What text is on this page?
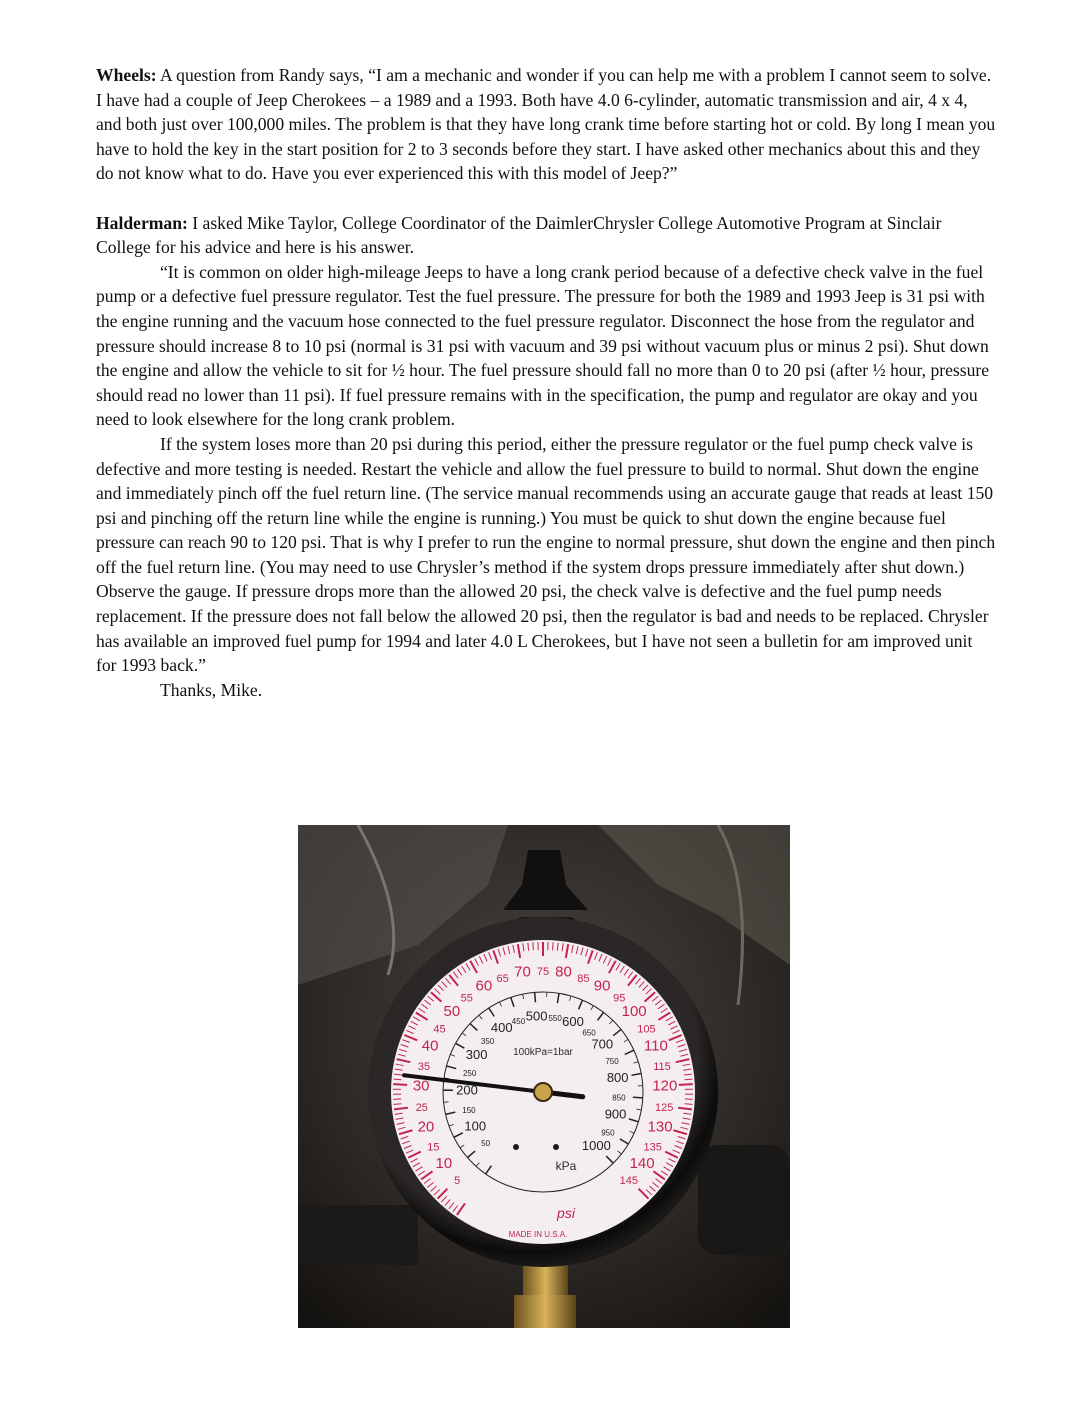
Wheels: A question from Randy says, “I am a mechanic and wonder if you can help me with a problem I cannot seem to solve. I have had a couple of Jeep Cherokees – a 1989 and a 1993. Both have 4.0 6-cylinder, automatic transmission and air, 4 x 4, and both just over 100,000 miles. The problem is that they have long crank time before starting hot or cold. By long I mean you have to hold the key in the start position for 2 to 3 seconds before they start. I have asked other mechanics about this and they do not know what to do. Have you ever experienced this with this model of Jeep?”

Halderman: I asked Mike Taylor, College Coordinator of the DaimlerChrysler College Automotive Program at Sinclair College for his advice and here is his answer.

“It is common on older high-mileage Jeeps to have a long crank period because of a defective check valve in the fuel pump or a defective fuel pressure regulator. Test the fuel pressure. The pressure for both the 1989 and 1993 Jeep is 31 psi with the engine running and the vacuum hose connected to the fuel pressure regulator. Disconnect the hose from the regulator and pressure should increase 8 to 10 psi (normal is 31 psi with vacuum and 39 psi without vacuum plus or minus 2 psi). Shut down the engine and allow the vehicle to sit for ½ hour. The fuel pressure should fall no more than 0 to 20 psi (after ½ hour, pressure should read no lower than 11 psi). If fuel pressure remains with in the specification, the pump and regulator are okay and you need to look elsewhere for the long crank problem.

If the system loses more than 20 psi during this period, either the pressure regulator or the fuel pump check valve is defective and more testing is needed. Restart the vehicle and allow the fuel pressure to build to normal. Shut down the engine and immediately pinch off the fuel return line. (The service manual recommends using an accurate gauge that reads at least 150 psi and pinching off the return line while the engine is running.) You must be quick to shut down the engine because fuel pressure can reach 90 to 120 psi. That is why I prefer to run the engine to normal pressure, shut down the engine and then pinch off the fuel return line. (You may need to use Chrysler’s method if the system drops pressure immediately after shut down.) Observe the gauge. If pressure drops more than the allowed 20 psi, the check valve is defective and the fuel pump needs replacement. If the pressure does not fall below the allowed 20 psi, then the regulator is bad and needs to be replaced. Chrysler has available an improved fuel pump for 1994 and later 4.0 L Cherokees, but I have not seen a bulletin for am improved unit for 1993 back.”

Thanks, Mike.

5
10
15
20
25
30
35
40
45
50
55
60 65 70 75 80 85 90
95
100
105
110
115
120
125
130
135
140
145
50
100
150
200
250
300
350
400 450 500 550 600
650
700
750
800
850
900
950
1000
100kPa=1bar
kPa
psi
MADE IN U.S.A.
